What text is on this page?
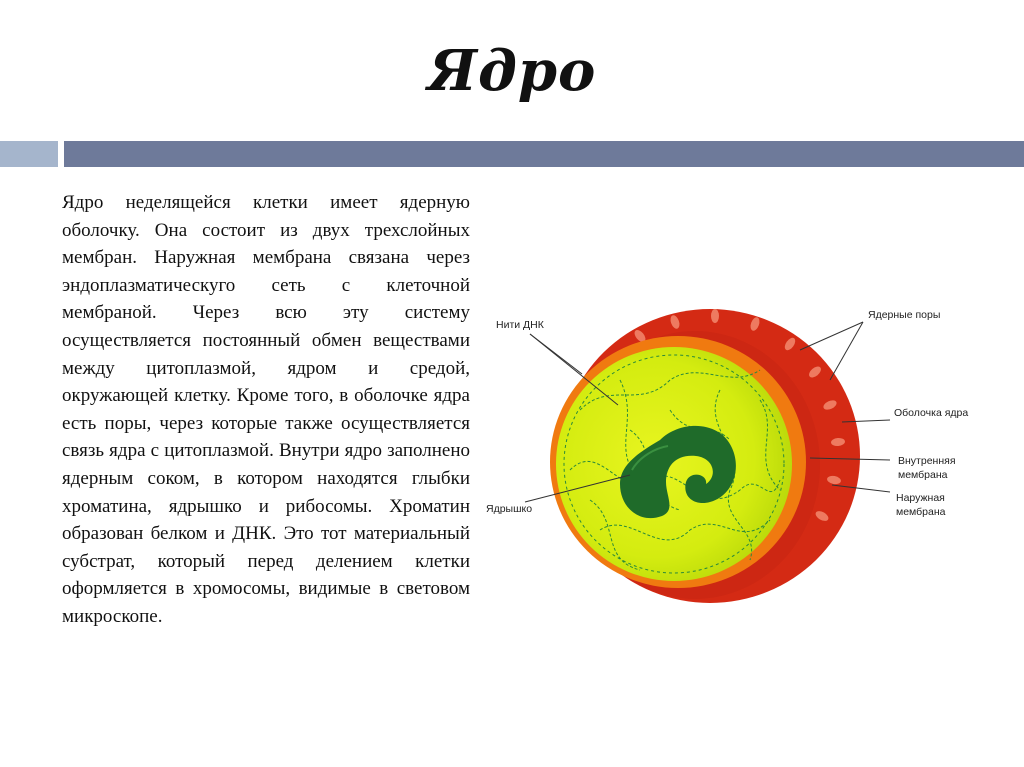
Ядро

Ядро неделящейся клетки имеет ядерную оболочку. Она состоит из двух трехслойных мембран. Наружная мембрана связана через эндоплазматическуго сеть с клеточной мембраной. Через всю эту систему осуществляется постоянный обмен веществами между цитоплазмой, ядром и средой, окружающей клетку. Кроме того, в оболочке ядра есть поры, через которые также осуществляется связь ядра с цитоплазмой. Внутри ядро заполнено ядерным соком, в котором находятся глыбки хроматина, ядрышко и рибосомы. Хроматин образован белком и ДНК. Это тот материальный субстрат, который перед делением клетки оформляется в хромосомы, видимые в световом микроскопе.

Нити ДНК
Ядерные поры
Оболочка ядра
Внутренняя
мембрана
Наружная
мембрана
Ядрышко
